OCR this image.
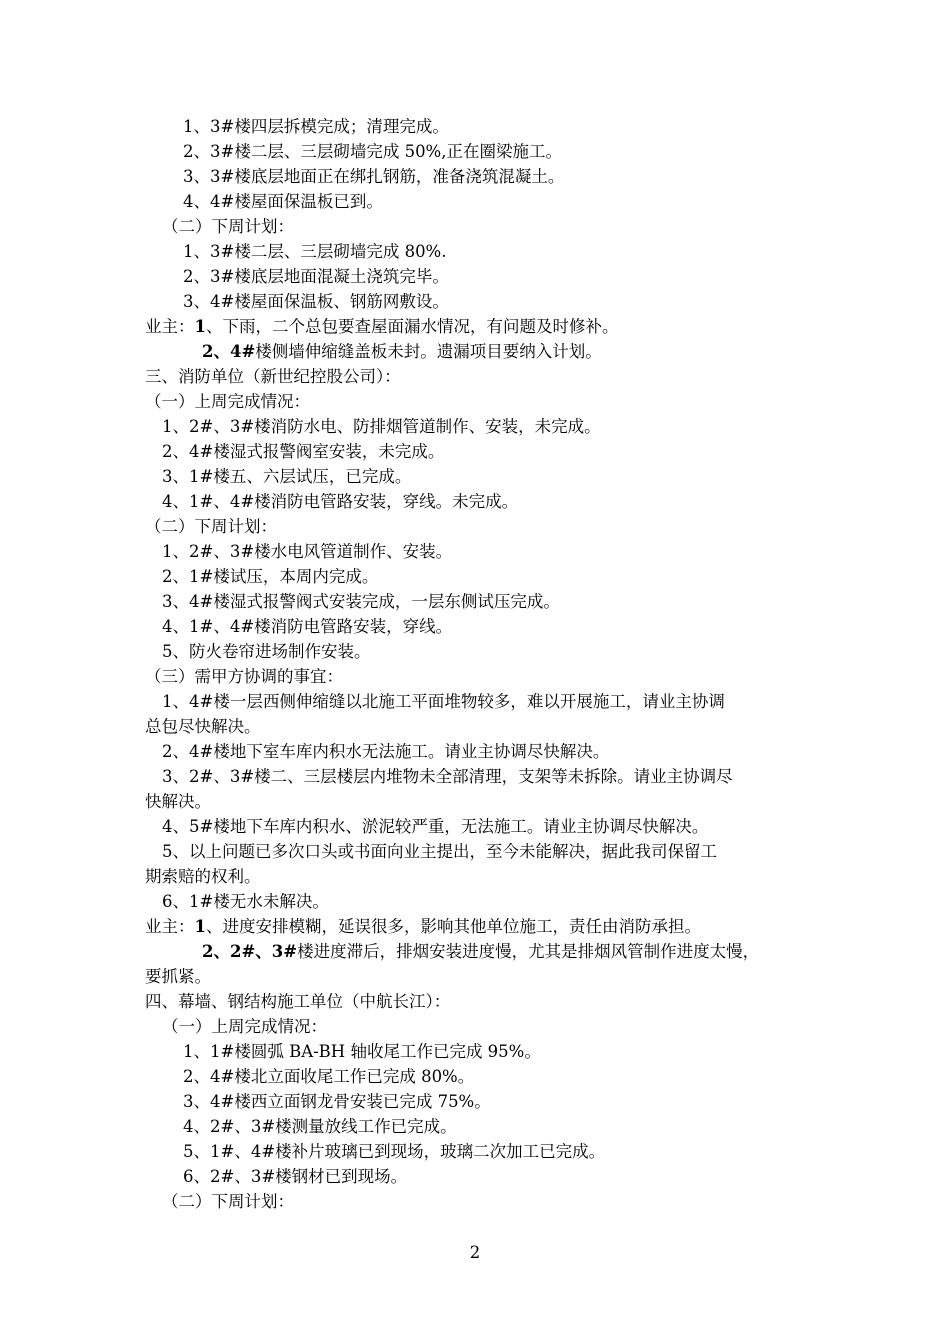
1、3#楼四层拆模完成；清理完成。
2、3#楼二层、三层砌墙完成 50%,正在圈梁施工。
3、3#楼底层地面正在绑扎钢筋，准备浇筑混凝土。
4、4#楼屋面保温板已到。
（二）下周计划：
1、3#楼二层、三层砌墙完成 80%.
2、3#楼底层地面混凝土浇筑完毕。
3、4#楼屋面保温板、钢筋网敷设。
业主：1、下雨，二个总包要查屋面漏水情况，有问题及时修补。
2、4#楼侧墙伸缩缝盖板未封。遗漏项目要纳入计划。
三、消防单位（新世纪控股公司）：
（一）上周完成情况：
1、2#、3#楼消防水电、防排烟管道制作、安装，未完成。
2、4#楼湿式报警阀室安装，未完成。
3、1#楼五、六层试压，已完成。
4、1#、4#楼消防电管路安装，穿线。未完成。
（二）下周计划：
1、2#、3#楼水电风管道制作、安装。
2、1#楼试压，本周内完成。
3、4#楼湿式报警阀式安装完成，一层东侧试压完成。
4、1#、4#楼消防电管路安装，穿线。
5、防火卷帘进场制作安装。
（三）需甲方协调的事宜：
1、4#楼一层西侧伸缩缝以北施工平面堆物较多，难以开展施工，请业主协调
总包尽快解决。
2、4#楼地下室车库内积水无法施工。请业主协调尽快解决。
3、2#、3#楼二、三层楼层内堆物未全部清理，支架等未拆除。请业主协调尽
快解决。
4、5#楼地下车库内积水、淤泥较严重，无法施工。请业主协调尽快解决。
5、以上问题已多次口头或书面向业主提出，至今未能解决，据此我司保留工
期索赔的权利。
6、1#楼无水未解决。
业主：1、进度安排模糊，延误很多，影响其他单位施工，责任由消防承担。
2、2#、3#楼进度滞后，排烟安装进度慢，尤其是排烟风管制作进度太慢，
要抓紧。
四、幕墙、钢结构施工单位（中航长江）：
（一）上周完成情况：
1、1#楼圆弧 BA-BH 轴收尾工作已完成 95%。
2、4#楼北立面收尾工作已完成 80%。
3、4#楼西立面钢龙骨安装已完成 75%。
4、2#、3#楼测量放线工作已完成。
5、1#、4#楼补片玻璃已到现场，玻璃二次加工已完成。
6、2#、3#楼钢材已到现场。
（二）下周计划：
2
